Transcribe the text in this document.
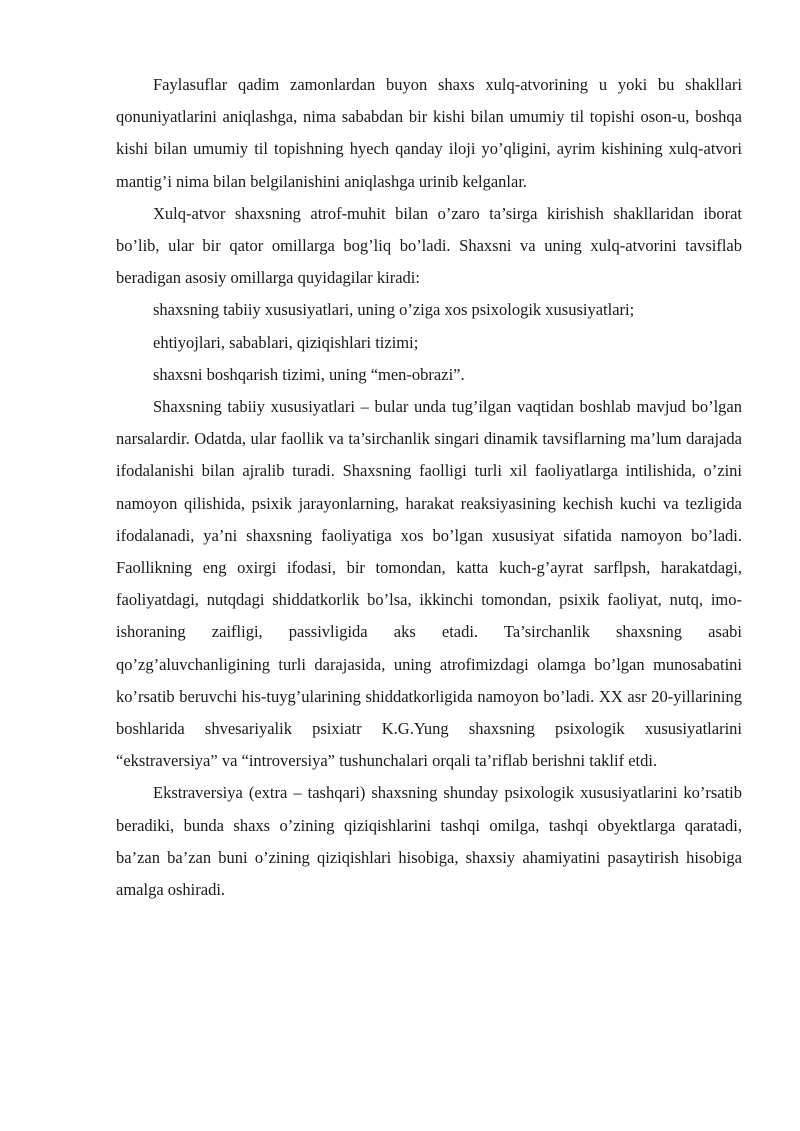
Faylasuflar qadim zamonlardan buyon shaxs xulq-atvorining u yoki bu shakllari qonuniyatlarini aniqlashga, nima sababdan bir kishi bilan umumiy til topishi oson-u, boshqa kishi bilan umumiy til topishning hyech qanday iloji yo’qligini, ayrim kishining xulq-atvori mantig’i nima bilan belgilanishini aniqlashga urinib kelganlar.

Xulq-atvor shaxsning atrof-muhit bilan o’zaro ta’sirga kirishish shakllaridan iborat bo’lib, ular bir qator omillarga bog’liq bo’ladi. Shaxsni va uning xulq-atvorini tavsiflab beradigan asosiy omillarga quyidagilar kiradi:

shaxsning tabiiy xususiyatlari, uning o’ziga xos psixologik xususiyatlari;

ehtiyojlari, sabablari, qiziqishlari tizimi;

shaxsni boshqarish tizimi, uning “men-obrazi”.

Shaxsning tabiiy xususiyatlari – bular unda tug’ilgan vaqtidan boshlab mavjud bo’lgan narsalardir. Odatda, ular faollik va ta’sirchanlik singari dinamik tavsiflarning ma’lum darajada ifodalanishi bilan ajralib turadi. Shaxsning faolligi turli xil faoliyatlarga intilishida, o’zini namoyon qilishida, psixik jarayonlarning, harakat reaksiyasining kechish kuchi va tezligida ifodalanadi, ya’ni shaxsning faoliyatiga xos bo’lgan xususiyat sifatida namoyon bo’ladi. Faollikning eng oxirgi ifodasi, bir tomondan, katta kuch-g’ayrat sarflpsh, harakatdagi, faoliyatdagi, nutqdagi shiddatkorlik bo’lsa, ikkinchi tomondan, psixik faoliyat, nutq, imo-ishoraning zaifligi, passivligida aks etadi. Ta’sirchanlik shaxsning asabi qo’zg’aluvchanligining turli darajasida, uning atrofimizdagi olamga bo’lgan munosabatini ko’rsatib beruvchi his-tuyg’ularining shiddatkorligida namoyon bo’ladi. XX asr 20-yillarining boshlarida shvesariyalik psixiatr K.G.Yung shaxsning psixologik xususiyatlarini “ekstraversiya” va “introversiya” tushunchalari orqali ta’riflab berishni taklif etdi.

Ekstraversiya (extra – tashqari) shaxsning shunday psixologik xususiyatlarini ko’rsatib beradiki, bunda shaxs o’zining qiziqishlarini tashqi omilga, tashqi obyektlarga qaratadi, ba’zan ba’zan buni o’zining qiziqishlari hisobiga, shaxsiy ahamiyatini pasaytirish hisobiga amalga oshiradi.
